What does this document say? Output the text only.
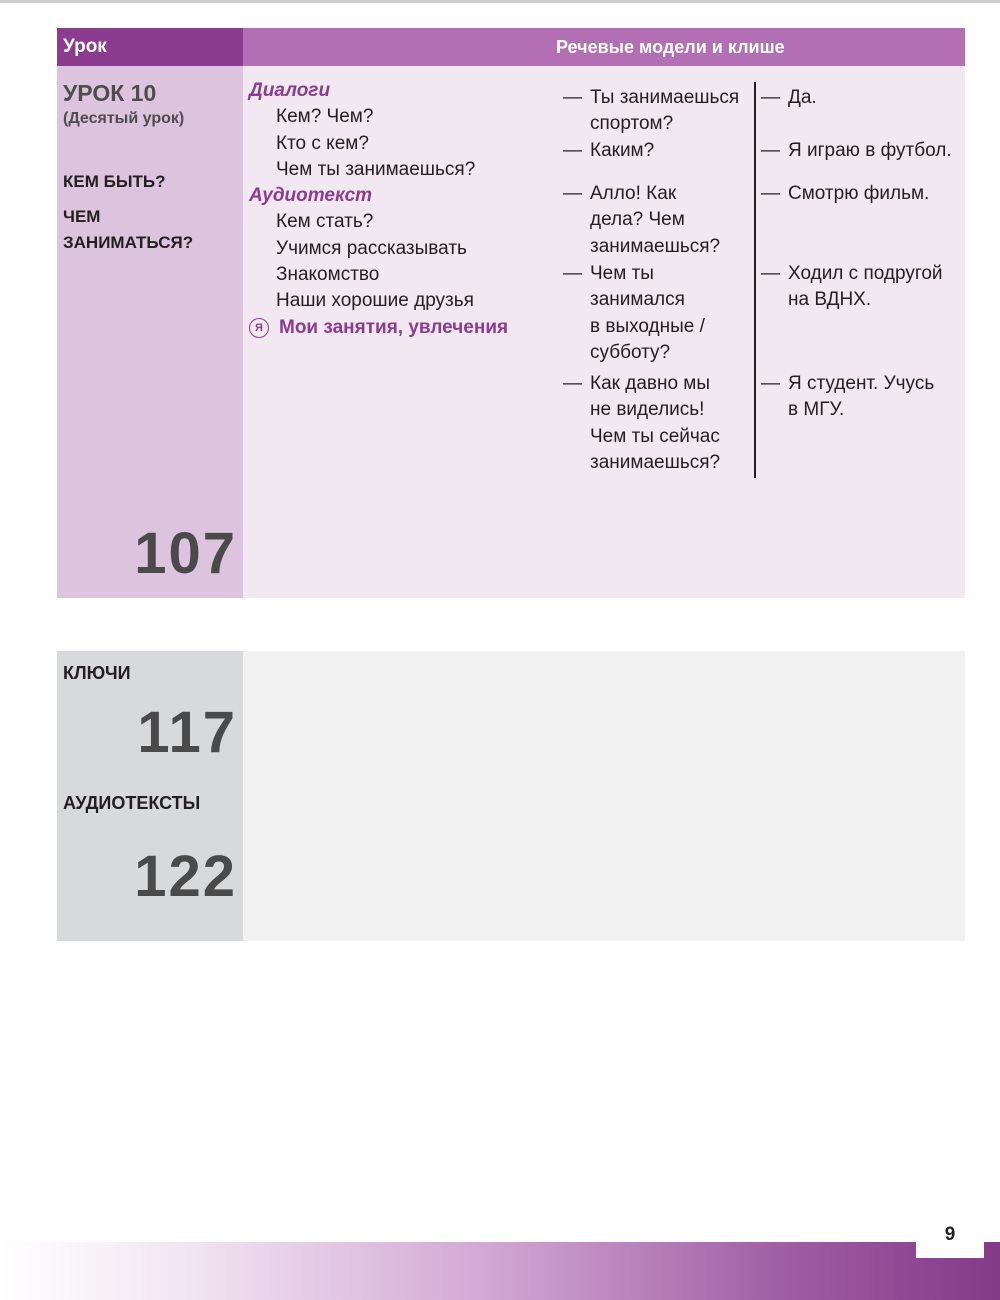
Урок	Речевые модели и клише
УРОК 10
(Десятый урок)
КЕМ БЫТЬ?
ЧЕМ
ЗАНИМАТЬСЯ?
107
Диалоги
Кем? Чем?
Кто с кем?
Чем ты занимаешься?
Аудиотекст
Кем стать?
Учимся рассказывать
Знакомство
Наши хорошие друзья
Я Мои занятия, увлечения
— Ты занимаешься
спортом?
— Каким?
— Алло! Как
дела? Чем
занимаешься?
— Чем ты
занимался
в выходные /
субботу?
— Как давно мы
не виделись!
Чем ты сейчас
занимаешься?
— Да.
— Я играю в футбол.
— Смотрю фильм.
— Ходил с подругой
на ВДНХ.
— Я студент. Учусь
в МГУ.
КЛЮЧИ
117
АУДИОТЕКСТЫ
122
9
